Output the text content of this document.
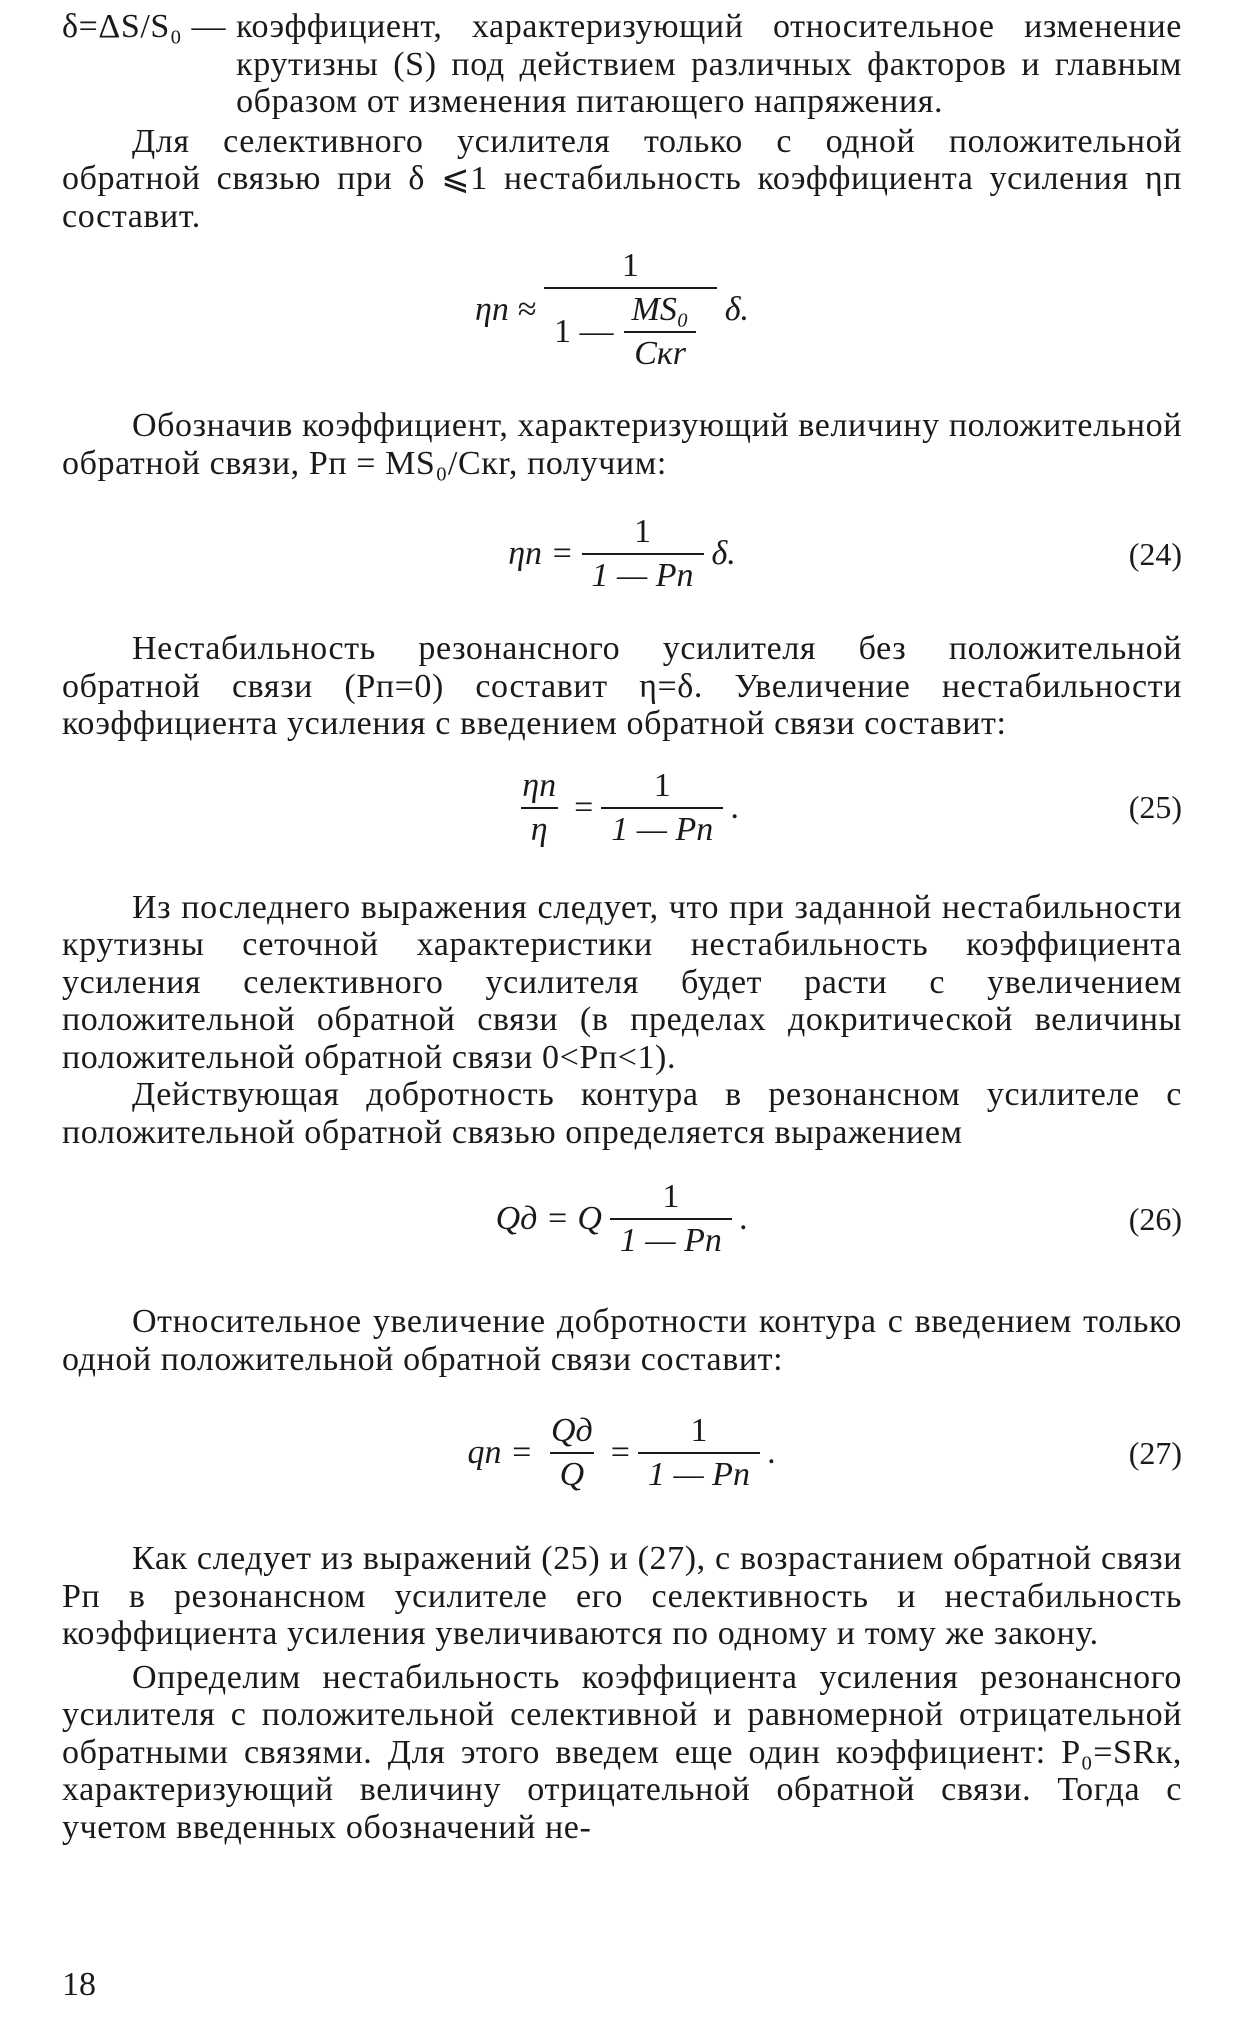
δ=ΔS/S₀ — коэффициент, характеризующий относительное изменение крутизны (S) под действием различных факторов и главным образом от изменения питающего напряжения.

Для селективного усилителя только с одной положительной обратной связью при δ ⩽1 нестабильность коэффициента усиления ηп составит.

$\eta п \approx \frac{1}{1 — \frac{\text{MS₀}}{\text{Cкr}}} \delta$.

Обозначив коэффициент, характеризующий величину положительной обратной связи, Pп = MS₀/Cкr, получим:

$\eta п = \frac{1}{1 — Pп} \delta$.	(24)

Нестабильность резонансного усилителя без положительной обратной связи (Pп=0) составит η=δ. Увеличение нестабильности коэффициента усиления с введением обратной связи составит:

$\frac{\eta п}{\eta} = \frac{1}{1 — Pп}$ .	(25)

Из последнего выражения следует, что при заданной нестабильности крутизны сеточной характеристики нестабильность коэффициента усиления селективного усилителя будет расти с увеличением положительной обратной связи (в пределах докритической величины положительной обратной связи 0<Pп<1).

Действующая добротность контура в резонансном усилителе с положительной обратной связью определяется выражением

Qд = Q $\frac{1}{1 — Pп}$ .	(26)

Относительное увеличение добротности контура с введением только одной положительной обратной связи составит:

qп = $\frac{Qд}{Q} = \frac{1}{1 — Pп}$ .	(27)

Как следует из выражений (25) и (27), с возрастанием обратной связи Pп в резонансном усилителе его селективность и нестабильность коэффициента усиления увеличиваются по одному и тому же закону.

Определим нестабильность коэффициента усиления резонансного усилителя с положительной селективной и равномерной отрицательной обратными связями. Для этого введем еще один коэффициент: P₀=SRк, характеризующий величину отрицательной обратной связи. Тогда с учетом введенных обозначений не-

18
